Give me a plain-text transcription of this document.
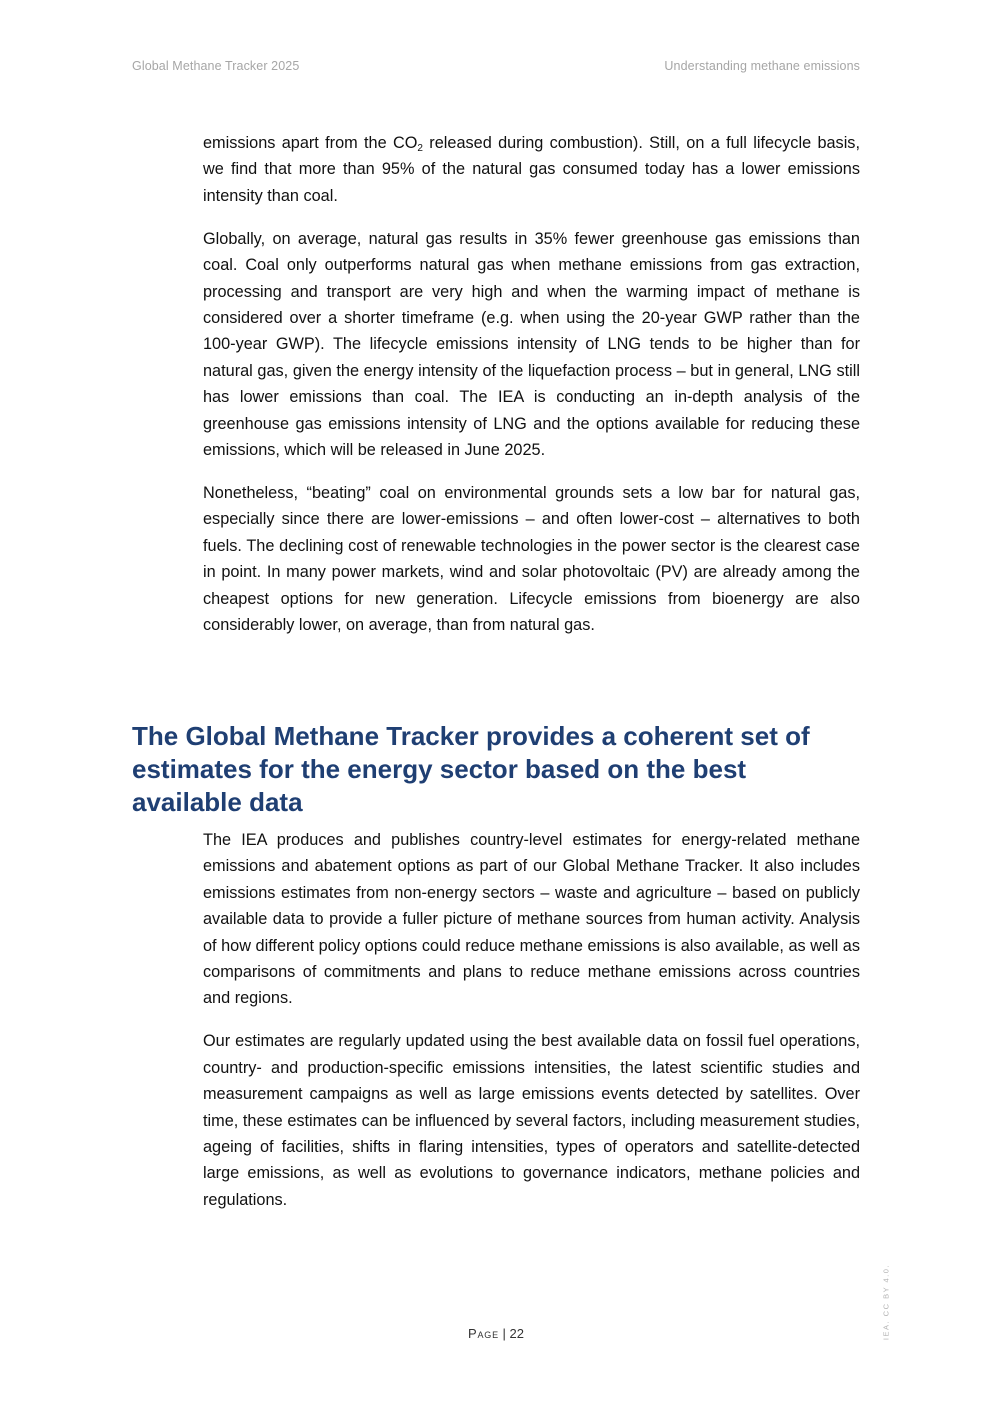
Global Methane Tracker 2025	Understanding methane emissions

emissions apart from the $CO_2$ released during combustion). Still, on a full lifecycle basis, we find that more than 95% of the natural gas consumed today has a lower emissions intensity than coal.

Globally, on average, natural gas results in 35% fewer greenhouse gas emissions than coal. Coal only outperforms natural gas when methane emissions from gas extraction, processing and transport are very high and when the warming impact of methane is considered over a shorter timeframe (e.g. when using the 20-year GWP rather than the 100-year GWP). The lifecycle emissions intensity of LNG tends to be higher than for natural gas, given the energy intensity of the liquefaction process – but in general, LNG still has lower emissions than coal. The IEA is conducting an in-depth analysis of the greenhouse gas emissions intensity of LNG and the options available for reducing these emissions, which will be released in June 2025.

Nonetheless, “beating” coal on environmental grounds sets a low bar for natural gas, especially since there are lower-emissions – and often lower-cost – alternatives to both fuels. The declining cost of renewable technologies in the power sector is the clearest case in point. In many power markets, wind and solar photovoltaic (PV) are already among the cheapest options for new generation. Lifecycle emissions from bioenergy are also considerably lower, on average, than from natural gas.

The Global Methane Tracker provides a coherent set of estimates for the energy sector based on the best available data

The IEA produces and publishes country-level estimates for energy-related methane emissions and abatement options as part of our Global Methane Tracker. It also includes emissions estimates from non-energy sectors – waste and agriculture – based on publicly available data to provide a fuller picture of methane sources from human activity. Analysis of how different policy options could reduce methane emissions is also available, as well as comparisons of commitments and plans to reduce methane emissions across countries and regions.

Our estimates are regularly updated using the best available data on fossil fuel operations, country- and production-specific emissions intensities, the latest scientific studies and measurement campaigns as well as large emissions events detected by satellites. Over time, these estimates can be influenced by several factors, including measurement studies, ageing of facilities, shifts in flaring intensities, types of operators and satellite-detected large emissions, as well as evolutions to governance indicators, methane policies and regulations.

Page | 22	IEA. CC BY 4.0.
